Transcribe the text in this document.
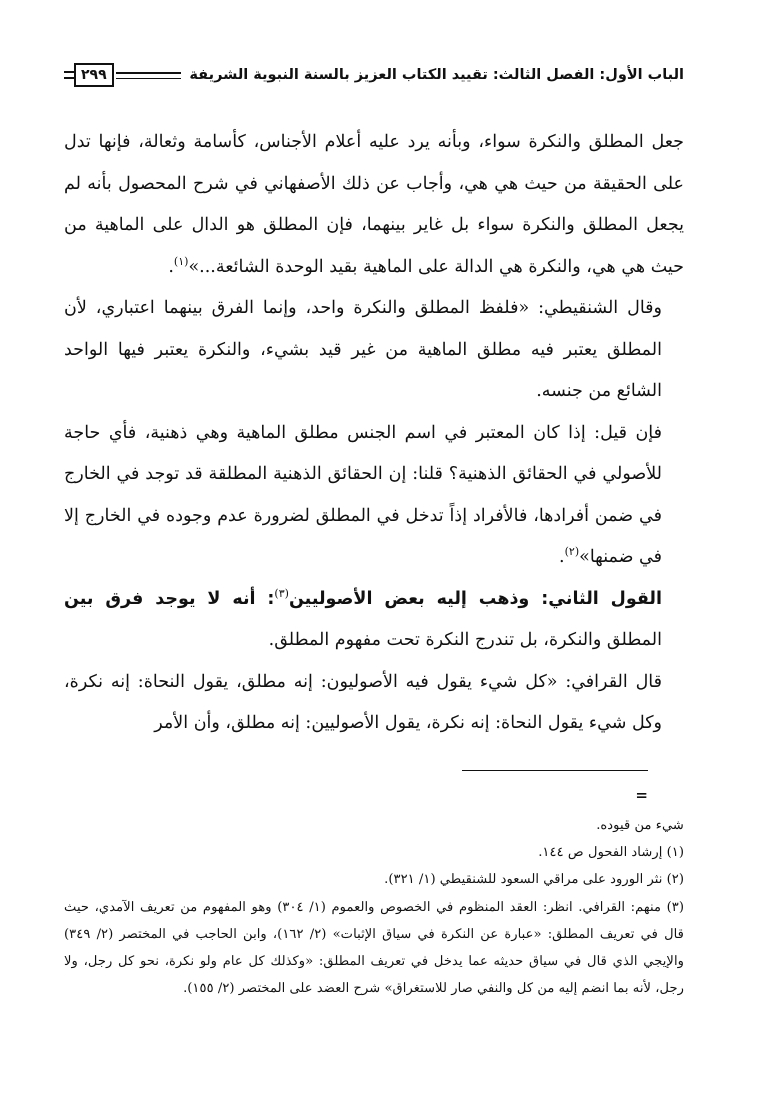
الباب الأول: الفصل الثالث: تقييد الكتاب العزيز بالسنة النبوية الشريفة
٢٩٩

جعل المطلق والنكرة سواء، وبأنه يرد عليه أعلام الأجناس، كأسامة وثعالة، فإنها تدل على الحقيقة من حيث هي هي، وأجاب عن ذلك الأصفهاني في شرح المحصول بأنه لم يجعل المطلق والنكرة سواء بل غاير بينهما، فإن المطلق هو الدال على الماهية من حيث هي هي، والنكرة هي الدالة على الماهية بقيد الوحدة الشائعة...»$^{(١)}$.

وقال الشنقيطي: «فلفظ المطلق والنكرة واحد، وإنما الفرق بينهما اعتباري، لأن المطلق يعتبر فيه مطلق الماهية من غير قيد بشيء، والنكرة يعتبر فيها الواحد الشائع من جنسه.

فإن قيل: إذا كان المعتبر في اسم الجنس مطلق الماهية وهي ذهنية، فأي حاجة للأصولي في الحقائق الذهنية؟ قلنا: إن الحقائق الذهنية المطلقة قد توجد في الخارج في ضمن أفرادها، فالأفراد إذاً تدخل في المطلق لضرورة عدم وجوده في الخارج إلا في ضمنها»$^{(٢)}$.

القول الثاني: وذهب إليه بعض الأصوليين$^{(٣)}$: أنه لا يوجد فرق بين المطلق والنكرة، بل تندرج النكرة تحت مفهوم المطلق.

قال القرافي: «كل شيء يقول فيه الأصوليون: إنه مطلق، يقول النحاة: إنه نكرة، وكل شيء يقول النحاة: إنه نكرة، يقول الأصوليين: إنه مطلق، وأن الأمر

=

شيء من قيوده.

(١) إرشاد الفحول ص ١٤٤.

(٢) نثر الورود على مراقي السعود للشنقيطي (١/ ٣٢١).

(٣) منهم: القرافي. انظر: العقد المنظوم في الخصوص والعموم (١/ ٣٠٤) وهو المفهوم من تعريف الآمدي، حيث قال في تعريف المطلق: «عبارة عن النكرة في سياق الإثبات» (٢/ ١٦٢)، وابن الحاجب في المختصر (٢/ ٣٤٩) والإيجي الذي قال في سياق حديثه عما يدخل في تعريف المطلق: «وكذلك كل عام ولو نكرة، نحو كل رجل، ولا رجل، لأنه بما انضم إليه من كل والنفي صار للاستغراق» شرح العضد على المختصر (٢/ ١٥٥).
